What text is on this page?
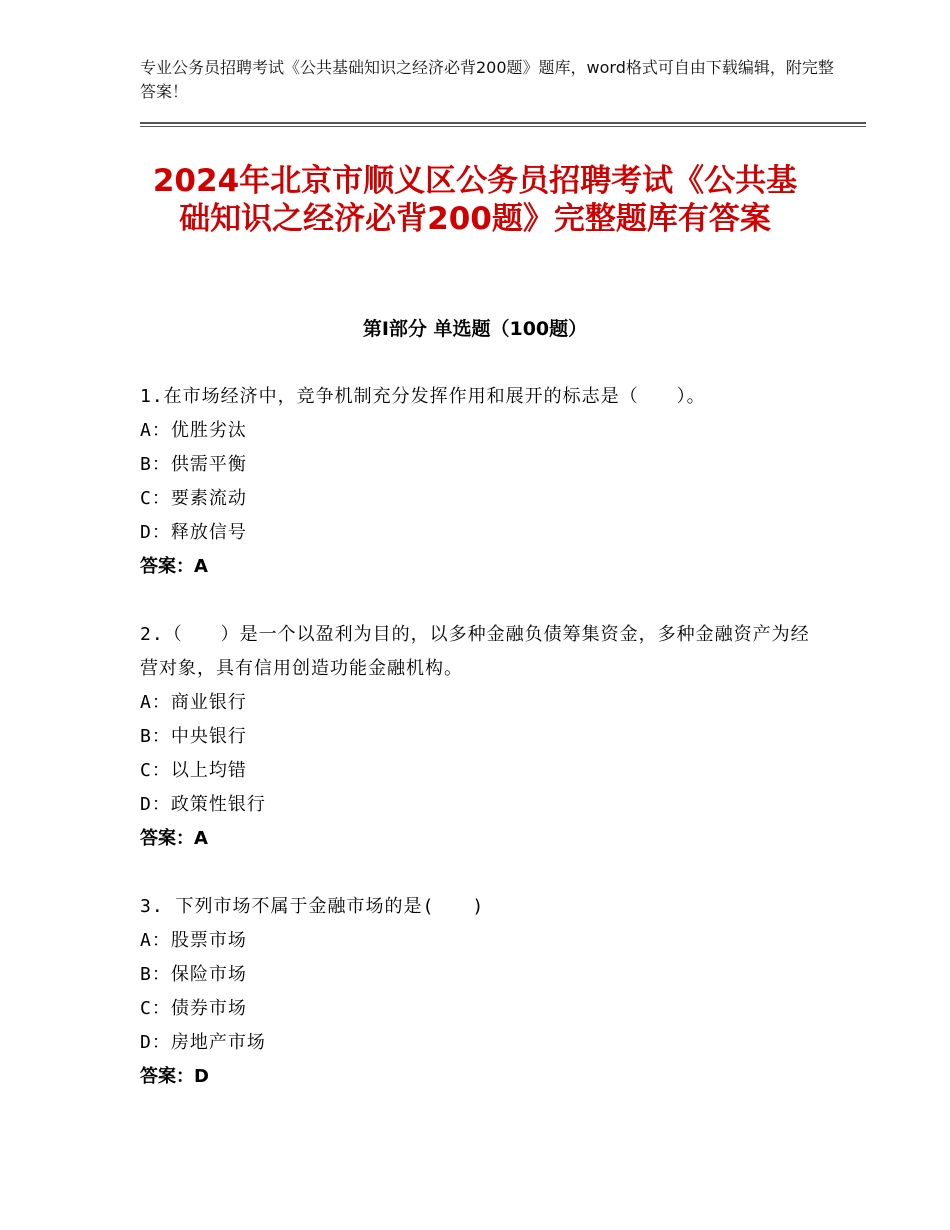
专业公务员招聘考试《公共基础知识之经济必背200题》题库，word格式可自由下载编辑，附完整答案！
2024年北京市顺义区公务员招聘考试《公共基础知识之经济必背200题》完整题库有答案
第Ⅰ部分 单选题（100题）
1.在市场经济中，竞争机制充分发挥作用和展开的标志是（　　）。
A：优胜劣汰
B：供需平衡
C：要素流动
D：释放信号
答案：A
2.（　　）是一个以盈利为目的，以多种金融负债筹集资金，多种金融资产为经营对象，具有信用创造功能金融机构。
A：商业银行
B：中央银行
C：以上均错
D：政策性银行
答案：A
3. 下列市场不属于金融市场的是(　　)
A：股票市场
B：保险市场
C：债券市场
D：房地产市场
答案：D
